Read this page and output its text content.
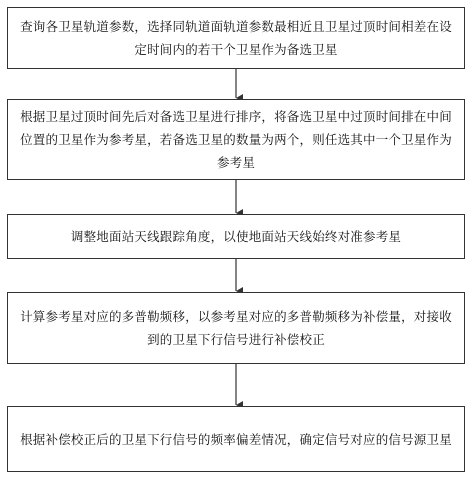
查询各卫星轨道参数，选择同轨道面轨道参数最相近且卫星过顶时间相差在设定时间内的若干个卫星作为备选卫星
根据卫星过顶时间先后对备选卫星进行排序，将备选卫星中过顶时间排在中间位置的卫星作为参考星，若备选卫星的数量为两个，则任选其中一个卫星作为参考星
调整地面站天线跟踪角度，以使地面站天线始终对准参考星
计算参考星对应的多普勒频移，以参考星对应的多普勒频移为补偿量，对接收到的卫星下行信号进行补偿校正
根据补偿校正后的卫星下行信号的频率偏差情况，确定信号对应的信号源卫星
